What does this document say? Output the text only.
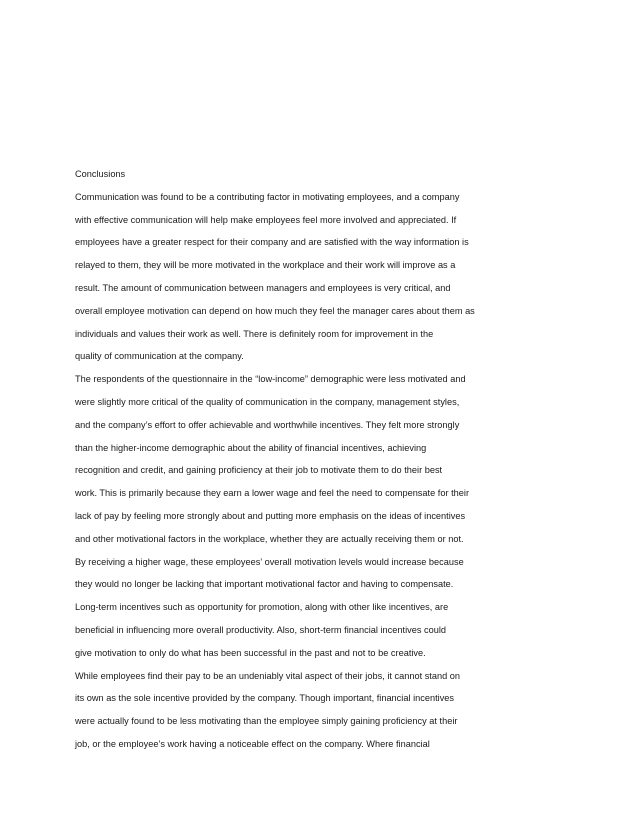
Conclusions
Communication was found to be a contributing factor in motivating employees, and a company
with effective communication will help make employees feel more involved and appreciated. If
employees have a greater respect for their company and are satisfied with the way information is
relayed to them, they will be more motivated in the workplace and their work will improve as a
result. The amount of communication between managers and employees is very critical, and
overall employee motivation can depend on how much they feel the manager cares about them as
individuals and values their work as well. There is definitely room for improvement in the
quality of communication at the company.
The respondents of the questionnaire in the “low-income” demographic were less motivated and
were slightly more critical of the quality of communication in the company, management styles,
and the company’s effort to offer achievable and worthwhile incentives. They felt more strongly
than the higher-income demographic about the ability of financial incentives, achieving
recognition and credit, and gaining proficiency at their job to motivate them to do their best
work. This is primarily because they earn a lower wage and feel the need to compensate for their
lack of pay by feeling more strongly about and putting more emphasis on the ideas of incentives
and other motivational factors in the workplace, whether they are actually receiving them or not.
By receiving a higher wage, these employees’ overall motivation levels would increase because
they would no longer be lacking that important motivational factor and having to compensate.
Long-term incentives such as opportunity for promotion, along with other like incentives, are
beneficial in influencing more overall productivity. Also, short-term financial incentives could
give motivation to only do what has been successful in the past and not to be creative.
While employees find their pay to be an undeniably vital aspect of their jobs, it cannot stand on
its own as the sole incentive provided by the company. Though important, financial incentives
were actually found to be less motivating than the employee simply gaining proficiency at their
job, or the employee’s work having a noticeable effect on the company. Where financial
